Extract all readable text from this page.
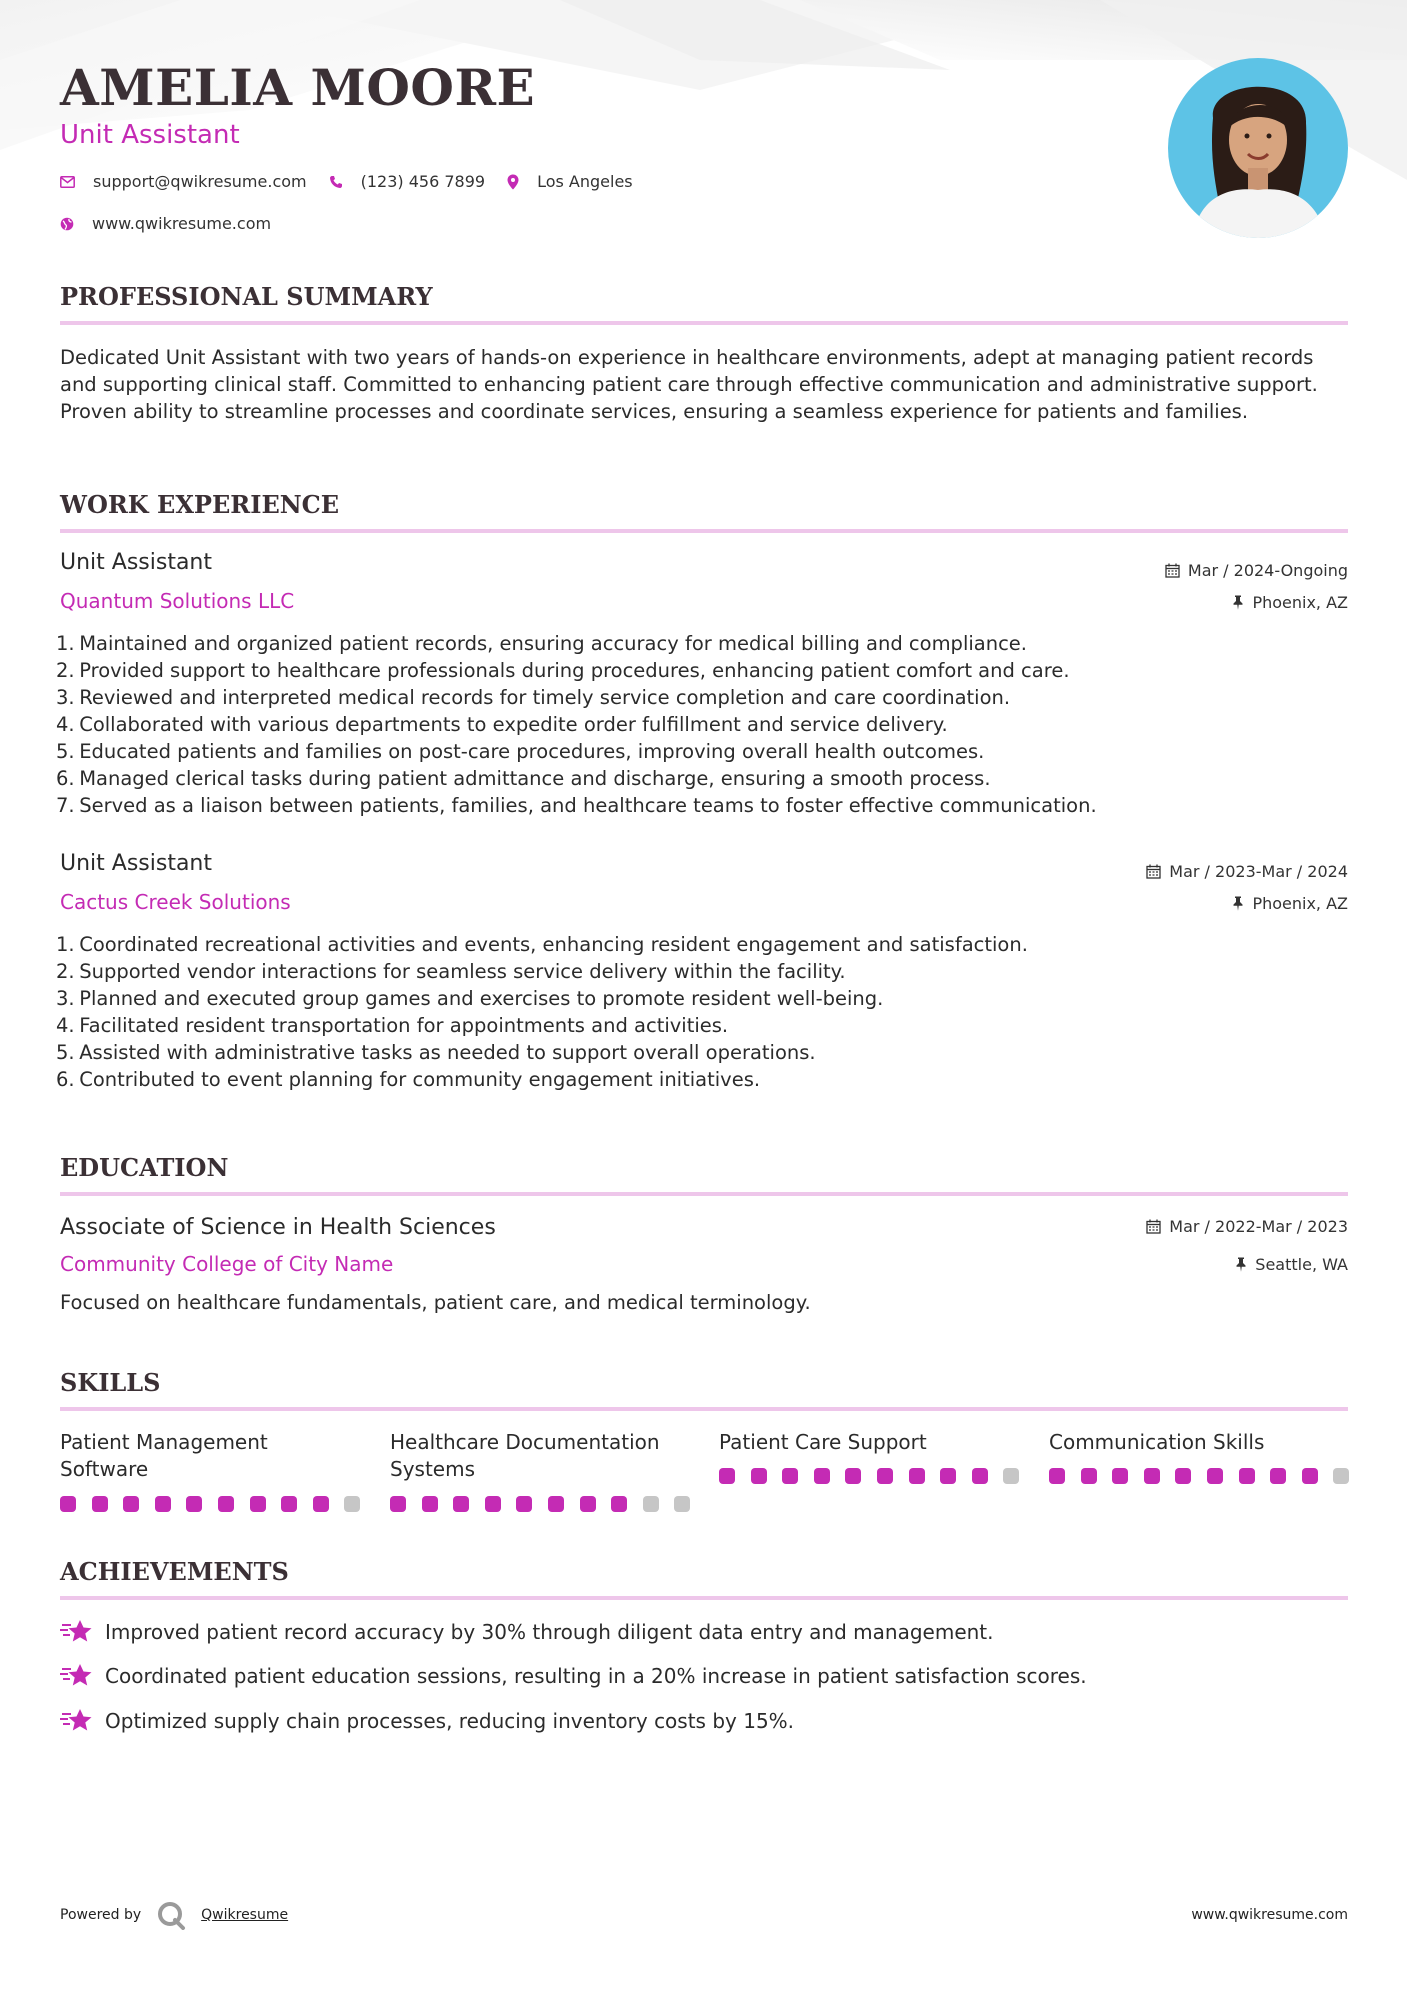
AMELIA MOORE
Unit Assistant
support@qwikresume.com	(123) 456 7899	Los Angeles
www.qwikresume.com
PROFESSIONAL SUMMARY
Dedicated Unit Assistant with two years of hands-on experience in healthcare environments, adept at managing patient records and supporting clinical staff. Committed to enhancing patient care through effective communication and administrative support. Proven ability to streamline processes and coordinate services, ensuring a seamless experience for patients and families.
WORK EXPERIENCE
Unit Assistant	Mar / 2024-Ongoing
Quantum Solutions LLC	Phoenix, AZ
1.
Maintained and organized patient records, ensuring accuracy for medical billing and compliance.
2.
Provided support to healthcare professionals during procedures, enhancing patient comfort and care.
3.
Reviewed and interpreted medical records for timely service completion and care coordination.
4.
Collaborated with various departments to expedite order fulfillment and service delivery.
5.
Educated patients and families on post-care procedures, improving overall health outcomes.
6.
Managed clerical tasks during patient admittance and discharge, ensuring a smooth process.
7.
Served as a liaison between patients, families, and healthcare teams to foster effective communication.
Unit Assistant	Mar / 2023-Mar / 2024
Cactus Creek Solutions	Phoenix, AZ
1.
Coordinated recreational activities and events, enhancing resident engagement and satisfaction.
2.
Supported vendor interactions for seamless service delivery within the facility.
3.
Planned and executed group games and exercises to promote resident well-being.
4.
Facilitated resident transportation for appointments and activities.
5.
Assisted with administrative tasks as needed to support overall operations.
6.
Contributed to event planning for community engagement initiatives.
EDUCATION
Associate of Science in Health Sciences	Mar / 2022-Mar / 2023
Community College of City Name	Seattle, WA
Focused on healthcare fundamentals, patient care, and medical terminology.
SKILLS
Patient Management Software
Healthcare Documentation Systems
Patient Care Support	Communication Skills
ACHIEVEMENTS
Improved patient record accuracy by 30% through diligent data entry and management.
Coordinated patient education sessions, resulting in a 20% increase in patient satisfaction scores.
Optimized supply chain processes, reducing inventory costs by 15%.
Powered by	Qwikresume	www.qwikresume.com
